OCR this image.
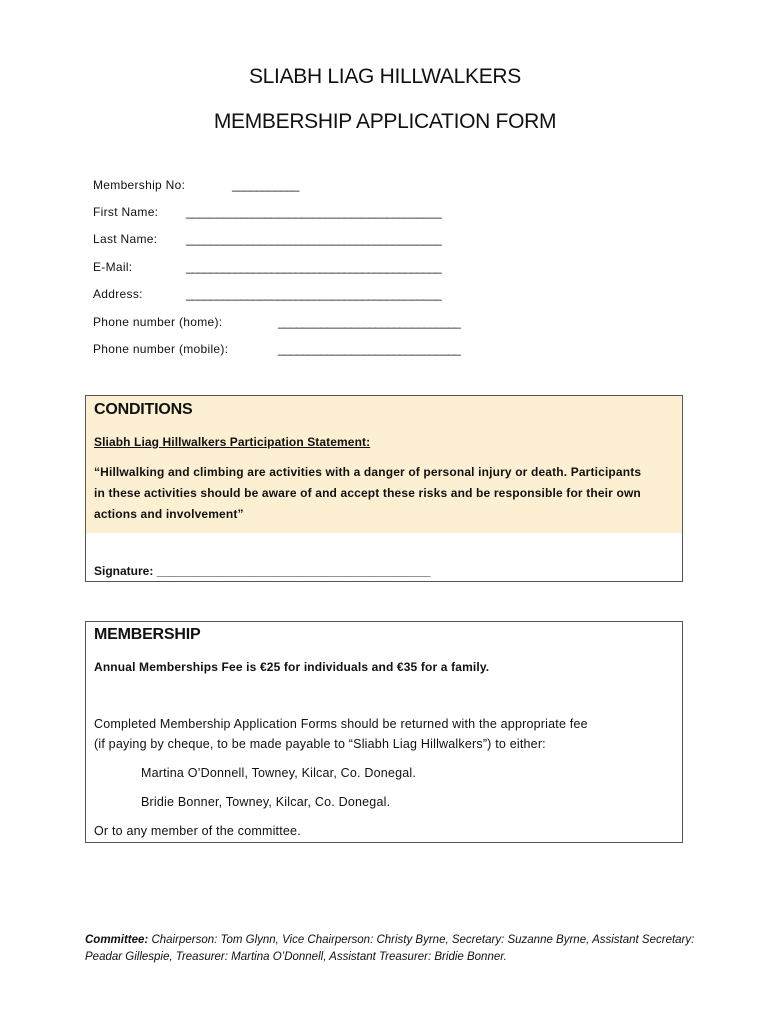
SLIABH LIAG HILLWALKERS
MEMBERSHIP APPLICATION FORM
Membership No:	___________
First Name: __________________________________________
Last Name: __________________________________________
E-Mail:	__________________________________________
Address:	__________________________________________
Phone number (home):	______________________________
Phone number (mobile):	______________________________
CONDITIONS
Sliabh Liag Hillwalkers Participation Statement:
“Hillwalking and climbing are activities with a danger of personal injury or death. Participants in these activities should be aware of and accept these risks and be responsible for their own actions and involvement”
Signature: _____________________________________________
MEMBERSHIP
Annual Memberships Fee is €25 for individuals and €35 for a family.
Completed Membership Application Forms should be returned with the appropriate fee
(if paying by cheque, to be made payable to “Sliabh Liag Hillwalkers”) to either:
Martina O’Donnell, Towney, Kilcar, Co. Donegal.
Bridie Bonner, Towney, Kilcar, Co. Donegal.
Or to any member of the committee.
Committee: Chairperson: Tom Glynn, Vice Chairperson: Christy Byrne, Secretary: Suzanne Byrne, Assistant Secretary: Peadar Gillespie, Treasurer: Martina O’Donnell, Assistant Treasurer: Bridie Bonner.
